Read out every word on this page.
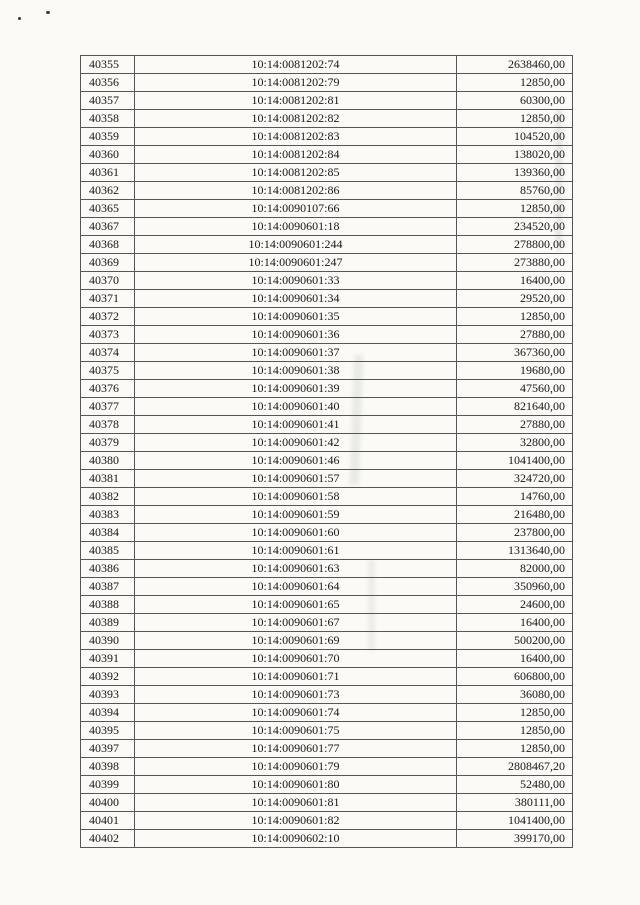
40355	10:14:0081202:74	2638460,00
40356	10:14:0081202:79	12850,00
40357	10:14:0081202:81	60300,00
40358	10:14:0081202:82	12850,00
40359	10:14:0081202:83	104520,00
40360	10:14:0081202:84	138020,00
40361	10:14:0081202:85	139360,00
40362	10:14:0081202:86	85760,00
40365	10:14:0090107:66	12850,00
40367	10:14:0090601:18	234520,00
40368	10:14:0090601:244	278800,00
40369	10:14:0090601:247	273880,00
40370	10:14:0090601:33	16400,00
40371	10:14:0090601:34	29520,00
40372	10:14:0090601:35	12850,00
40373	10:14:0090601:36	27880,00
40374	10:14:0090601:37	367360,00
40375	10:14:0090601:38	19680,00
40376	10:14:0090601:39	47560,00
40377	10:14:0090601:40	821640,00
40378	10:14:0090601:41	27880,00
40379	10:14:0090601:42	32800,00
40380	10:14:0090601:46	1041400,00
40381	10:14:0090601:57	324720,00
40382	10:14:0090601:58	14760,00
40383	10:14:0090601:59	216480,00
40384	10:14:0090601:60	237800,00
40385	10:14:0090601:61	1313640,00
40386	10:14:0090601:63	82000,00
40387	10:14:0090601:64	350960,00
40388	10:14:0090601:65	24600,00
40389	10:14:0090601:67	16400,00
40390	10:14:0090601:69	500200,00
40391	10:14:0090601:70	16400,00
40392	10:14:0090601:71	606800,00
40393	10:14:0090601:73	36080,00
40394	10:14:0090601:74	12850,00
40395	10:14:0090601:75	12850,00
40397	10:14:0090601:77	12850,00
40398	10:14:0090601:79	2808467,20
40399	10:14:0090601:80	52480,00
40400	10:14:0090601:81	380111,00
40401	10:14:0090601:82	1041400,00
40402	10:14:0090602:10	399170,00
